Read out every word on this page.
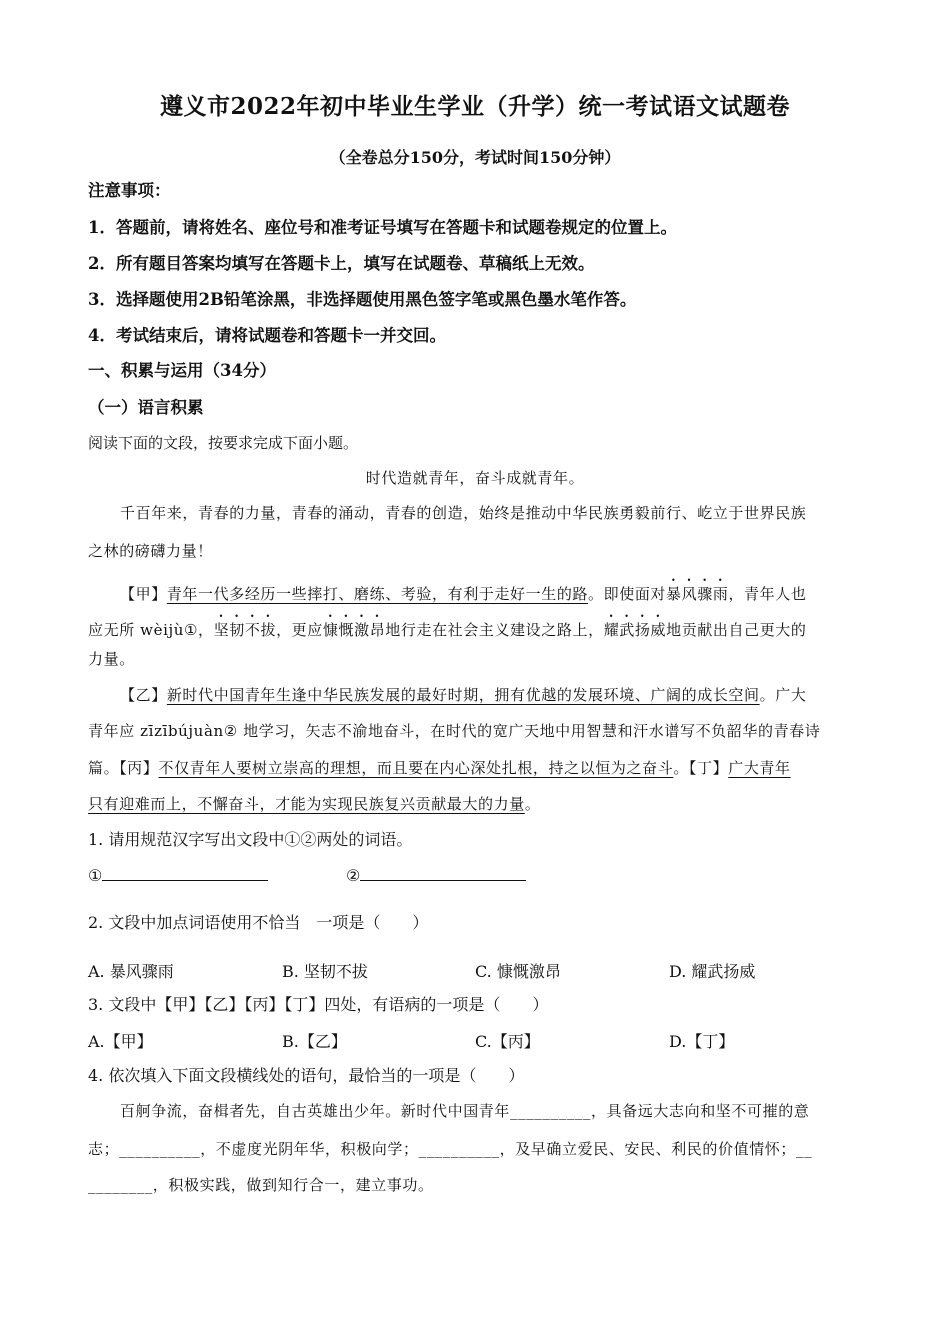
遵义市2022年初中毕业生学业（升学）统一考试语文试题卷
（全卷总分150分，考试时间150分钟）
注意事项：
1．答题前，请将姓名、座位号和准考证号填写在答题卡和试题卷规定的位置上。
2．所有题目答案均填写在答题卡上，填写在试题卷、草稿纸上无效。
3．选择题使用2B铅笔涂黑，非选择题使用黑色签字笔或黑色墨水笔作答。
4．考试结束后，请将试题卷和答题卡一并交回。
一、积累与运用（34分）
（一）语言积累
阅读下面的文段，按要求完成下面小题。
时代造就青年，奋斗成就青年。
千百年来，青春的力量，青春的涌动，青春的创造，始终是推动中华民族勇毅前行、屹立于世界民族
之林的磅礴力量！
【甲】青年一代多经历一些摔打、磨练、考验，有利于走好一生的路。即使面对暴风骤雨，青年人也
应无所 wèijù①，坚韧不拔，更应慷慨激昂地行走在社会主义建设之路上，耀武扬威地贡献出自己更大的
力量。
【乙】新时代中国青年生逢中华民族发展的最好时期，拥有优越的发展环境、广阔的成长空间。广大
青年应 zīzībújuàn② 地学习，矢志不渝地奋斗，在时代的宽广天地中用智慧和汗水谱写不负韶华的青春诗
篇。【丙】不仅青年人要树立崇高的理想，而且要在内心深处扎根，持之以恒为之奋斗。【丁】广大青年
只有迎难而上，不懈奋斗，才能为实现民族复兴贡献最大的力量。
1. 请用规范汉字写出文段中①②两处的词语。
①	②
2. 文段中加点词语使用不恰当　一项是（　　）
A. 暴风骤雨	B. 坚韧不拔	C. 慷慨激昂	D. 耀武扬威
3. 文段中【甲】【乙】【丙】【丁】四处，有语病的一项是（　　）
A.【甲】	B.【乙】	C.【丙】	D.【丁】
4. 依次填入下面文段横线处的语句，最恰当的一项是（　　）
百舸争流，奋楫者先，自古英雄出少年。新时代中国青年__________，具备远大志向和坚不可摧的意
志；__________，不虚度光阴年华，积极向学；__________，及早确立爱民、安民、利民的价值情怀；__
________，积极实践，做到知行合一，建立事功。
